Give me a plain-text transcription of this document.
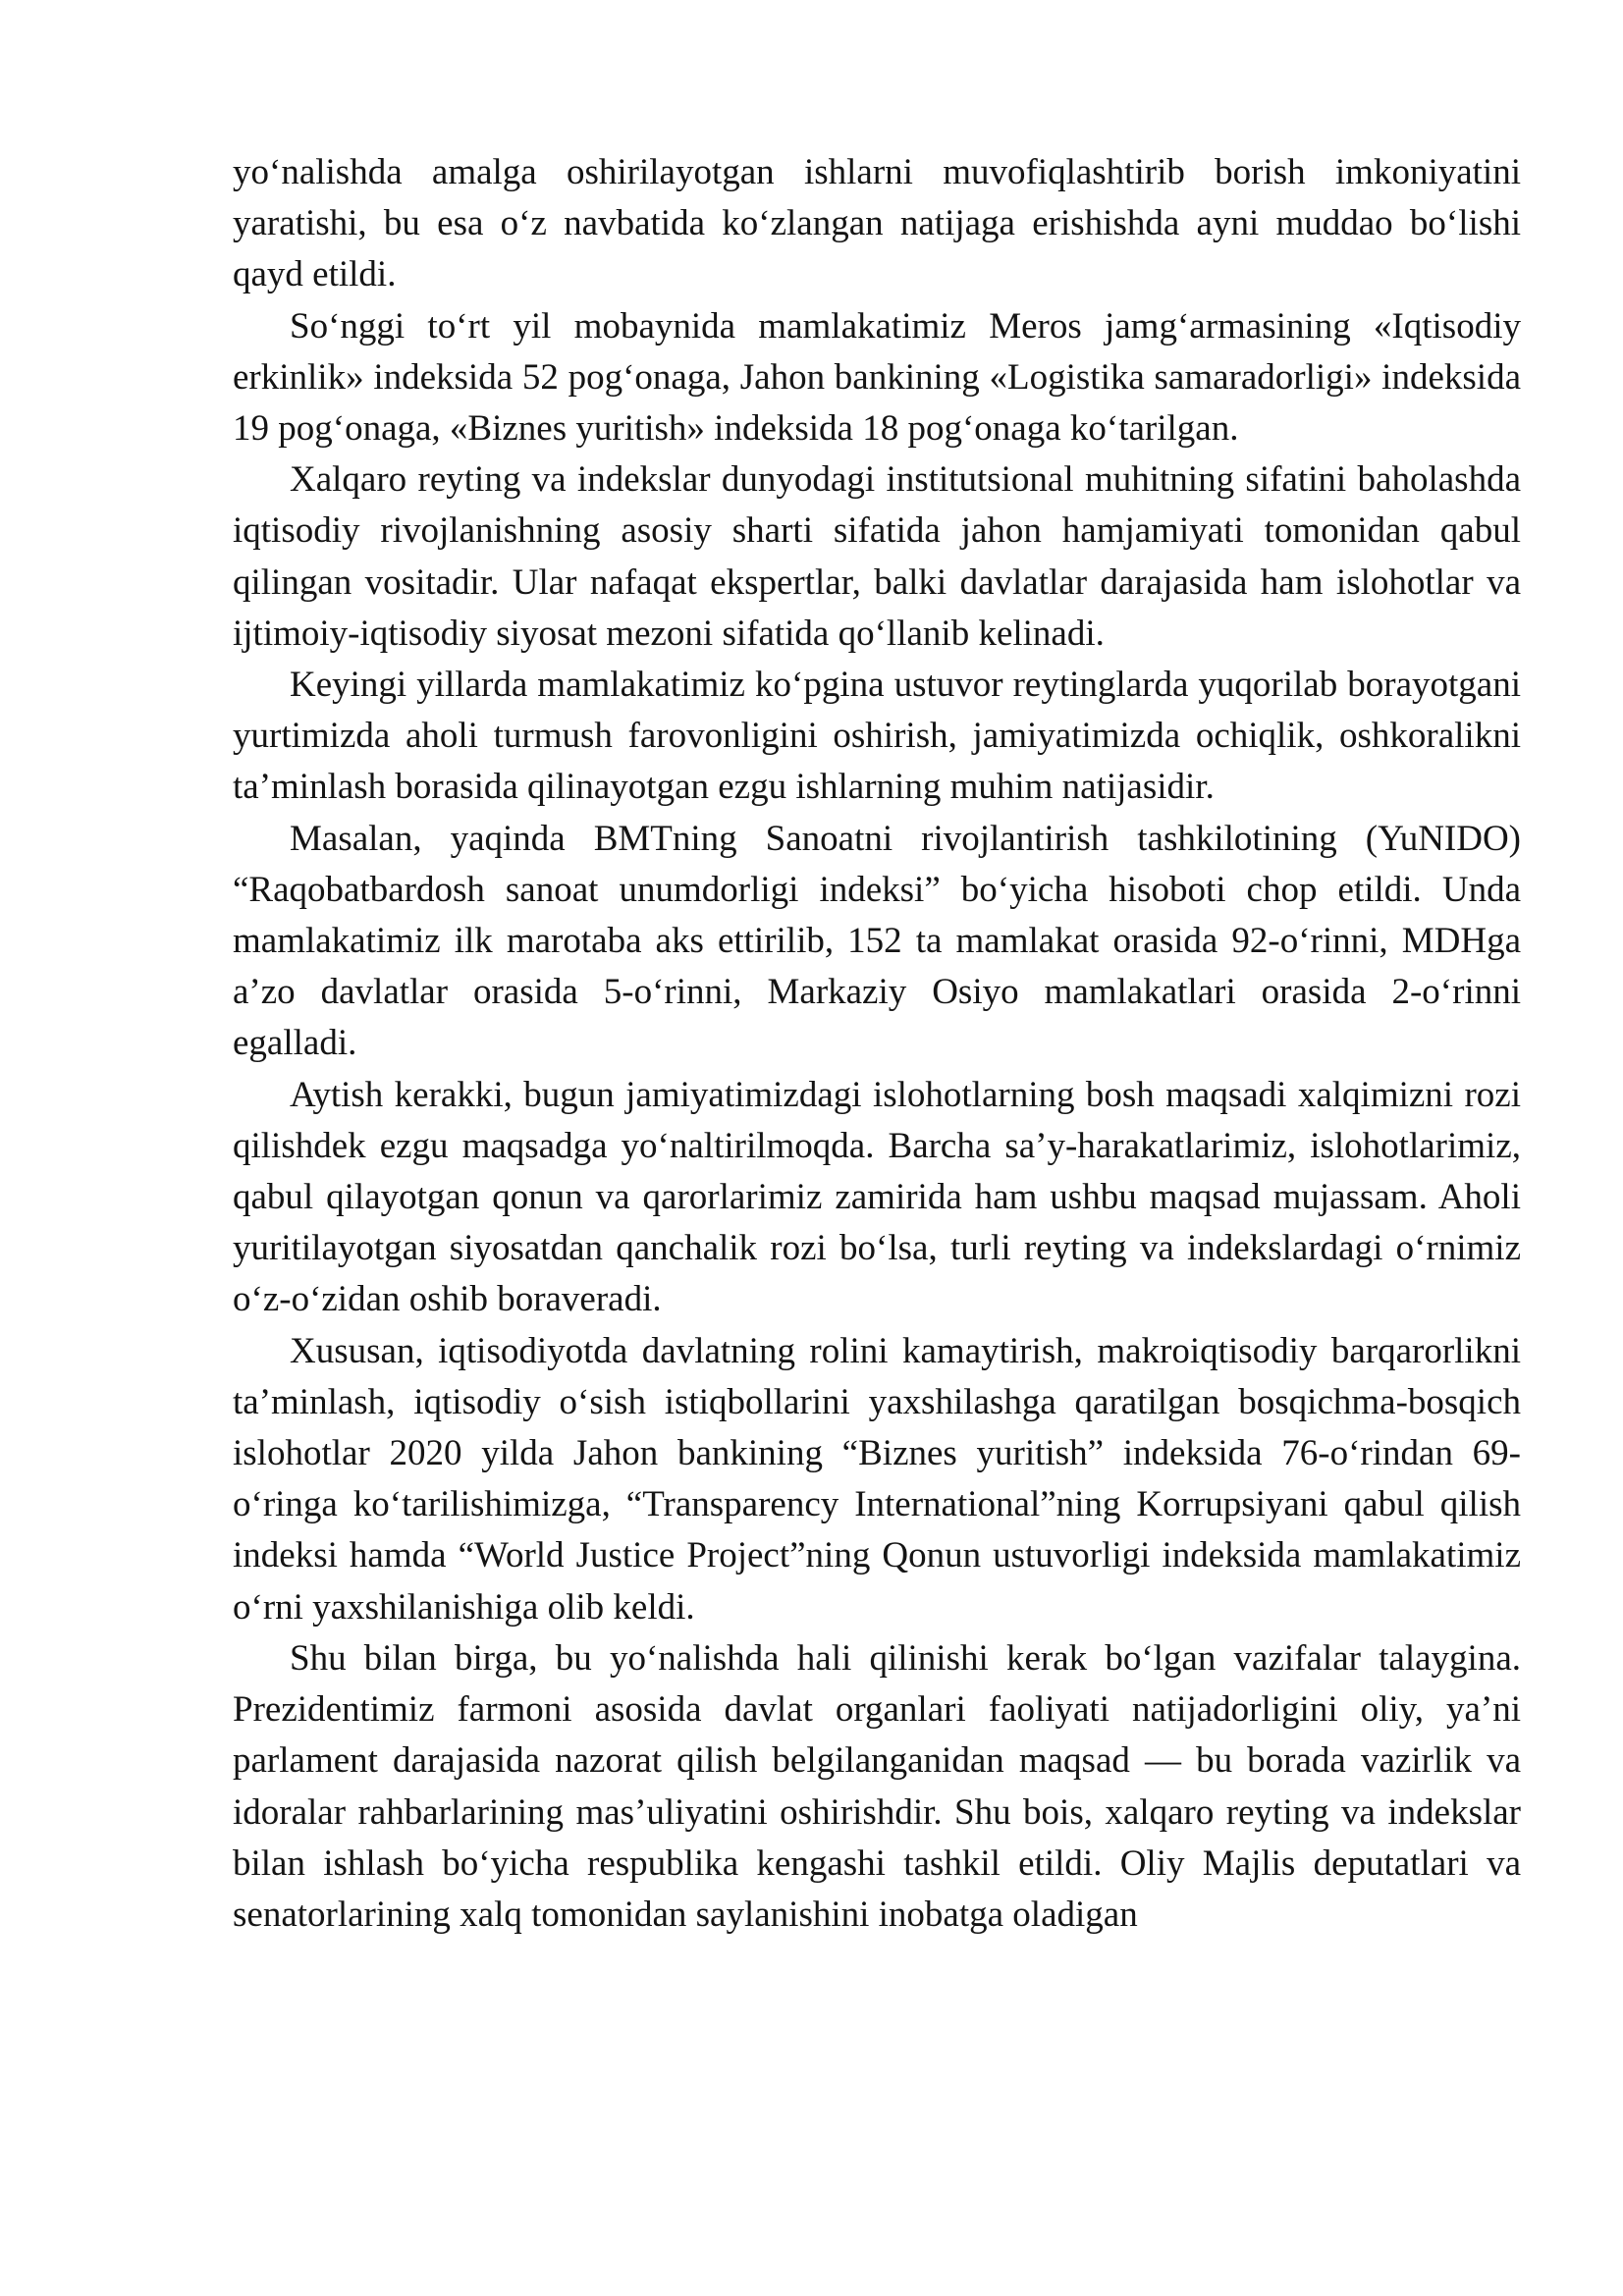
yo‘nalishda amalga oshirilayotgan ishlarni muvofiqlashtirib borish imkoniyatini yaratishi, bu esa o‘z navbatida ko‘zlangan natijaga erishishda ayni muddao bo‘lishi qayd etildi.

So‘nggi to‘rt yil mobaynida mamlakatimiz Meros jamg‘armasining «Iqtisodiy erkinlik» indeksida 52 pog‘onaga, Jahon bankining «Logistika samaradorligi» indeksida 19 pog‘onaga, «Biznes yuritish» indeksida 18 pog‘onaga ko‘tarilgan.

Xalqaro reyting va indekslar dunyodagi institutsional muhitning sifatini baholashda iqtisodiy rivojlanishning asosiy sharti sifatida jahon hamjamiyati tomonidan qabul qilingan vositadir. Ular nafaqat ekspertlar, balki davlatlar darajasida ham islohotlar va ijtimoiy-iqtisodiy siyosat mezoni sifatida qo‘llanib kelinadi.

Keyingi yillarda mamlakatimiz ko‘pgina ustuvor reytinglarda yuqorilab borayotgani yurtimizda aholi turmush farovonligini oshirish, jamiyatimizda ochiqlik, oshkoralikni ta’minlash borasida qilinayotgan ezgu ishlarning muhim natijasidir.

Masalan, yaqinda BMTning Sanoatni rivojlantirish tashkilotining (YuNIDO) “Raqobatbardosh sanoat unumdorligi indeksi” bo‘yicha hisoboti chop etildi. Unda mamlakatimiz ilk marotaba aks ettirilib, 152 ta mamlakat orasida 92-o‘rinni, MDHga a’zo davlatlar orasida 5-o‘rinni, Markaziy Osiyo mamlakatlari orasida 2-o‘rinni egalladi.

Aytish kerakki, bugun jamiyatimizdagi islohotlarning bosh maqsadi xalqimizni rozi qilishdek ezgu maqsadga yo‘naltirilmoqda. Barcha sa’y-harakatlarimiz, islohotlarimiz, qabul qilayotgan qonun va qarorlarimiz zamirida ham ushbu maqsad mujassam. Aholi yuritilayotgan siyosatdan qanchalik rozi bo‘lsa, turli reyting va indekslardagi o‘rnimiz o‘z-o‘zidan oshib boraveradi.

Xususan, iqtisodiyotda davlatning rolini kamaytirish, makroiqtisodiy barqarorlikni ta’minlash, iqtisodiy o‘sish istiqbollarini yaxshilashga qaratilgan bosqichma-bosqich islohotlar 2020 yilda Jahon bankining “Biznes yuritish” indeksida 76-o‘rindan 69-o‘ringa ko‘tarilishimizga, “Transparency International”ning Korrupsiyani qabul qilish indeksi hamda “World Justice Project”ning Qonun ustuvorligi indeksida mamlakatimiz o‘rni yaxshilanishiga olib keldi.

Shu bilan birga, bu yo‘nalishda hali qilinishi kerak bo‘lgan vazifalar talaygina. Prezidentimiz farmoni asosida davlat organlari faoliyati natijadorligini oliy, ya’ni parlament darajasida nazorat qilish belgilanganidan maqsad — bu borada vazirlik va idoralar rahbarlarining mas’uliyatini oshirishdir. Shu bois, xalqaro reyting va indekslar bilan ishlash bo‘yicha respublika kengashi tashkil etildi. Oliy Majlis deputatlari va senatorlarining xalq tomonidan saylanishini inobatga oladigan
